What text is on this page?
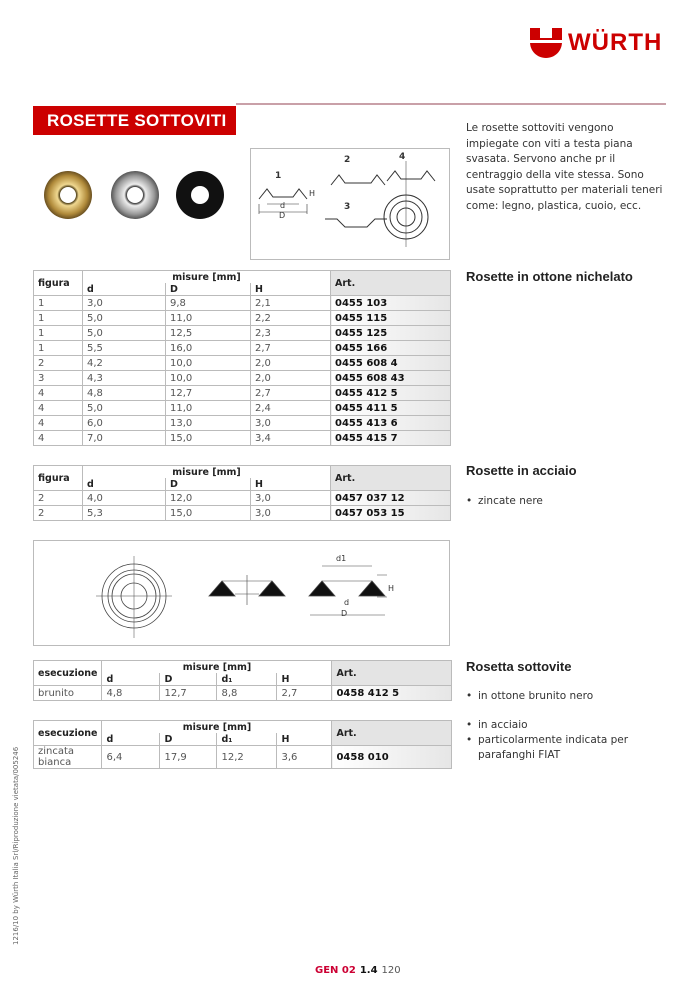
WÜRTH
ROSETTE SOTTOVITI
1
2
3
4
d
D
H
Le rosette sottoviti vengono impiegate con viti a testa piana svasata. Servono anche pr il centraggio della vite stessa. Sono usate soprattutto per materiali teneri come: legno, plastica, cuoio, ecc.
figura	misure [mm]			Art.
	d	D	H	
1	3,0	9,8	2,1	0455 103
1	5,0	11,0	2,2	0455 115
1	5,0	12,5	2,3	0455 125
1	5,5	16,0	2,7	0455 166
2	4,2	10,0	2,0	0455 608 4
3	4,3	10,0	2,0	0455 608 43
4	4,8	12,7	2,7	0455 412 5
4	5,0	11,0	2,4	0455 411 5
4	6,0	13,0	3,0	0455 413 6
4	7,0	15,0	3,4	0455 415 7
figura	misure [mm]			Art.
	d	D	H	
2	4,0	12,0	3,0	0457 037 12
2	5,3	15,0	3,0	0457 053 15
esecuzione	misure [mm]				Art.
	d	D	d₁	H	
brunito	4,8	12,7	8,8	2,7	0458 412 5
esecuzione	misure [mm]				Art.
	d	D	d₁	H	
zincata bianca	6,4	17,9	12,2	3,6	0458 010
d1
d
D
H
Rosette in ottone nichelato
Rosette in acciaio
• zincate nere
Rosetta sottovite
• in ottone brunito nero
• in acciaio
• particolarmente indicata per parafanghi FIAT
1216/10 by Würth Italia Srl/Riproduzione vietata/005246
GEN 02 1.4 120
